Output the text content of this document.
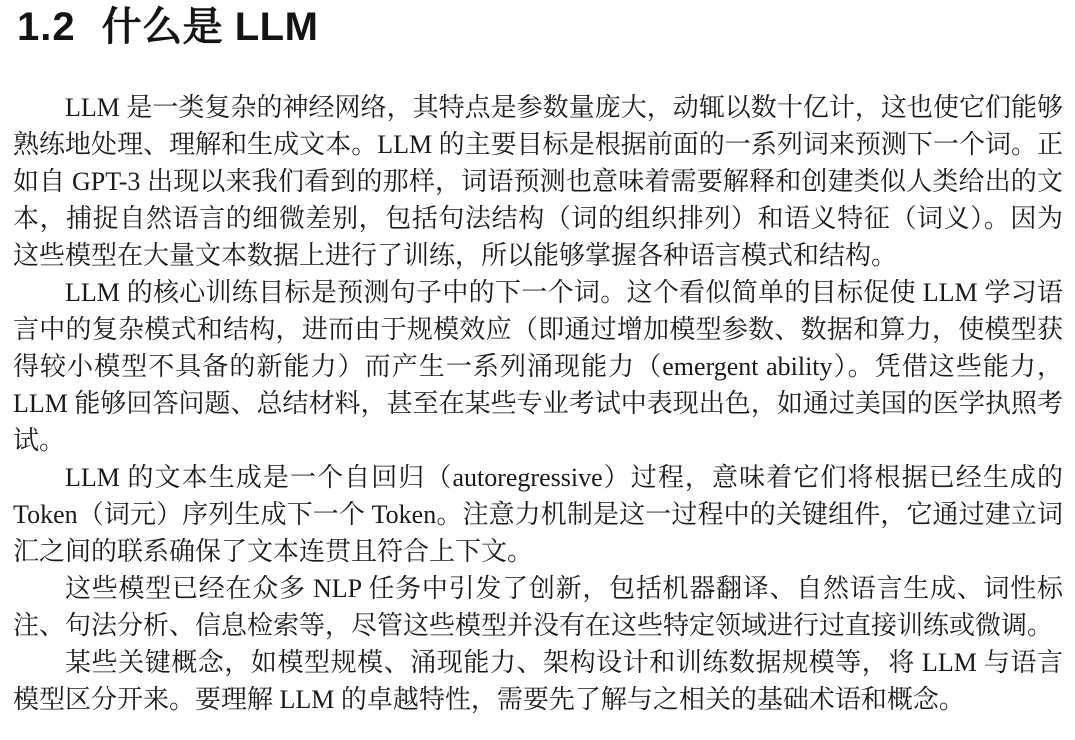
1.2 什么是 LLM

LLM 是一类复杂的神经网络，其特点是参数量庞大，动辄以数十亿计，这也使它们能够熟练地处理、理解和生成文本。LLM 的主要目标是根据前面的一系列词来预测下一个词。正如自 GPT-3 出现以来我们看到的那样，词语预测也意味着需要解释和创建类似人类给出的文本，捕捉自然语言的细微差别，包括句法结构（词的组织排列）和语义特征（词义）。因为这些模型在大量文本数据上进行了训练，所以能够掌握各种语言模式和结构。

LLM 的核心训练目标是预测句子中的下一个词。这个看似简单的目标促使 LLM 学习语言中的复杂模式和结构，进而由于规模效应（即通过增加模型参数、数据和算力，使模型获得较小模型不具备的新能力）而产生一系列涌现能力（emergent ability）。凭借这些能力，LLM 能够回答问题、总结材料，甚至在某些专业考试中表现出色，如通过美国的医学执照考试。

LLM 的文本生成是一个自回归（autoregressive）过程，意味着它们将根据已经生成的 Token（词元）序列生成下一个 Token。注意力机制是这一过程中的关键组件，它通过建立词汇之间的联系确保了文本连贯且符合上下文。

这些模型已经在众多 NLP 任务中引发了创新，包括机器翻译、自然语言生成、词性标注、句法分析、信息检索等，尽管这些模型并没有在这些特定领域进行过直接训练或微调。

某些关键概念，如模型规模、涌现能力、架构设计和训练数据规模等，将 LLM 与语言模型区分开来。要理解 LLM 的卓越特性，需要先了解与之相关的基础术语和概念。
